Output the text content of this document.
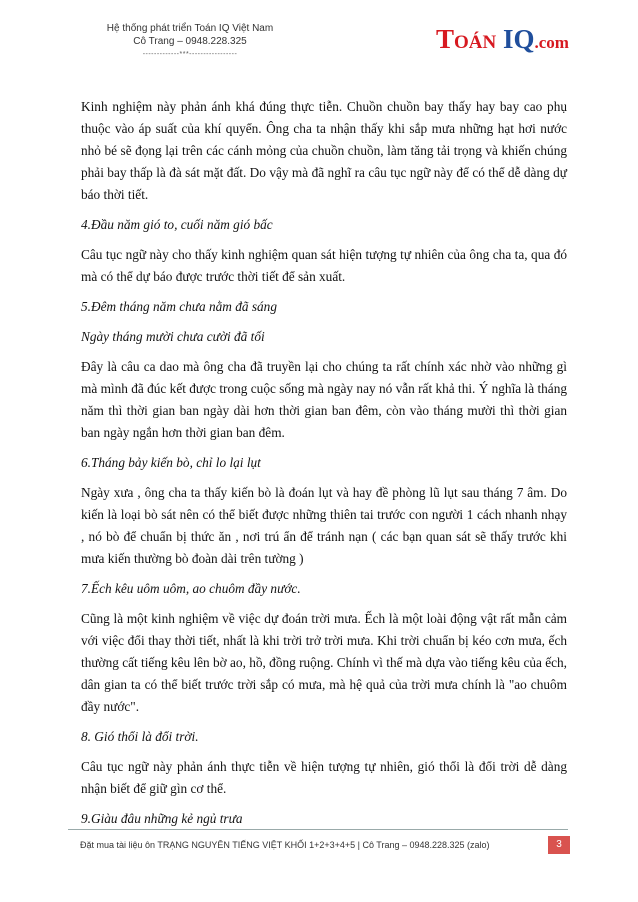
Hệ thống phát triển Toán IQ Việt Nam
Cô Trang – 0948.228.325
-------------***-----------------
TOÁN IQ.com
Kinh nghiệm này phản ánh khá đúng thực tiễn. Chuồn chuồn bay thấy hay bay cao phụ thuộc vào áp suất của khí quyển. Ông cha ta nhận thấy khi sắp mưa những hạt hơi nước nhỏ bé sẽ đọng lại trên các cánh mỏng của chuồn chuồn, làm tăng tải trọng và khiến chúng phải bay thấp là đà sát mặt đất. Do vậy mà đã nghĩ ra câu tục ngữ này để có thể dễ dàng dự báo thời tiết.
4.Đầu năm gió to, cuối năm gió bấc
Câu tục ngữ này cho thấy kinh nghiệm quan sát hiện tượng tự nhiên của ông cha ta, qua đó mà có thể dự báo được trước thời tiết để sản xuất.
5.Đêm tháng năm chưa nằm đã sáng
Ngày tháng mười chưa cười đã tối
Đây là câu ca dao mà ông cha đã truyền lại cho chúng ta rất chính xác nhờ vào những gì mà mình đã đúc kết được trong cuộc sống mà ngày nay nó vẫn rất khả thi. Ý nghĩa là tháng năm thì thời gian ban ngày dài hơn thời gian ban đêm, còn vào tháng mười thì thời gian ban ngày ngắn hơn thời gian ban đêm.
6.Tháng bảy kiến bò, chỉ lo lại lụt
Ngày xưa , ông cha ta thấy kiến bò là đoán lụt và hay đề phòng lũ lụt sau tháng 7 âm. Do kiến là loại bò sát nên có thể biết được những thiên tai trước con người 1 cách nhanh nhạy , nó bò để chuẩn bị thức ăn , nơi trú ẩn để tránh nạn ( các bạn quan sát sẽ thấy trước khi mưa kiến thường bò đoàn dài trên tường )
7.Ếch kêu uôm uôm, ao chuôm đầy nước.
Cũng là một kinh nghiệm về việc dự đoán trời mưa. Ếch là một loài động vật rất mẫn cảm với việc đổi thay thời tiết, nhất là khi trời trở trời mưa. Khi trời chuẩn bị kéo cơn mưa, ếch thường cất tiếng kêu lên bờ ao, hồ, đồng ruộng. Chính vì thế mà dựa vào tiếng kêu của ếch, dân gian ta có thể biết trước trời sắp có mưa, mà hệ quả của trời mưa chính là "ao chuôm đầy nước".
8. Gió thổi là đổi trời.
Câu tục ngữ này phản ánh thực tiễn về hiện tượng tự nhiên, gió thổi là đổi trời dễ dàng nhận biết để giữ gìn cơ thể.
9.Giàu đâu những kẻ ngủ trưa
Đặt mua tài liệu ôn TRẠNG NGUYÊN TIẾNG VIỆT KHỐI 1+2+3+4+5 | Cô Trang – 0948.228.325 (zalo)	3
